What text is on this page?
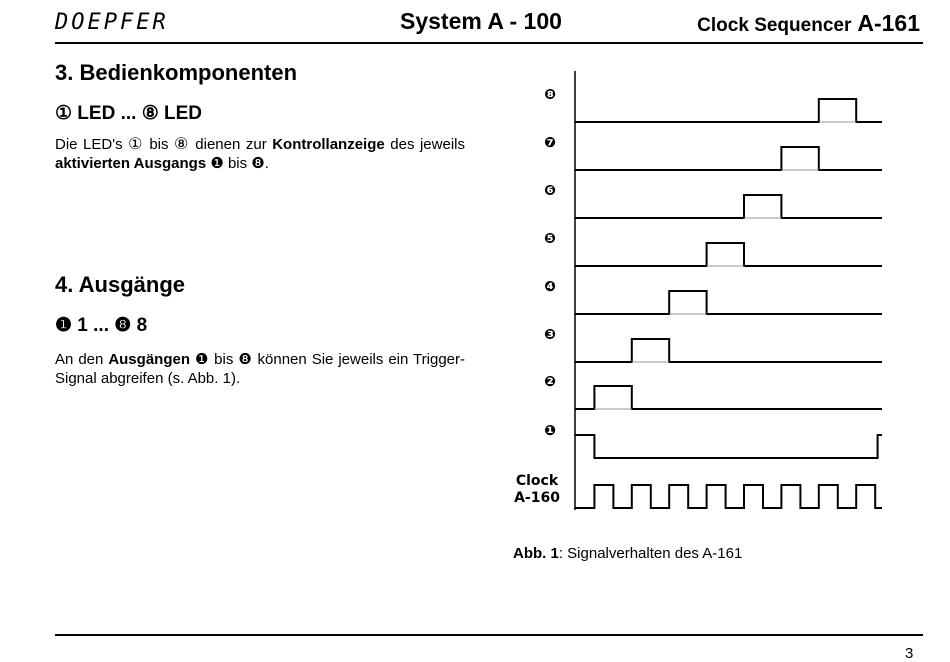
DOEPFER	System A - 100	Clock Sequencer A-161
3. Bedienkomponenten
① LED ... ⑧ LED

Die LED's ① bis ⑧ dienen zur Kontrollanzeige des jeweils aktivierten Ausgangs ❶ bis ❽.

4. Ausgänge
❶ 1 ... ❽ 8

An den Ausgängen ❶ bis ❽ können Sie jeweils ein Trigger-Signal abgreifen (s. Abb. 1).

❽
❼
❻
❺
❹
❸
❷
❶
Clock
A-160
Abb. 1: Signalverhalten des A-161
3
